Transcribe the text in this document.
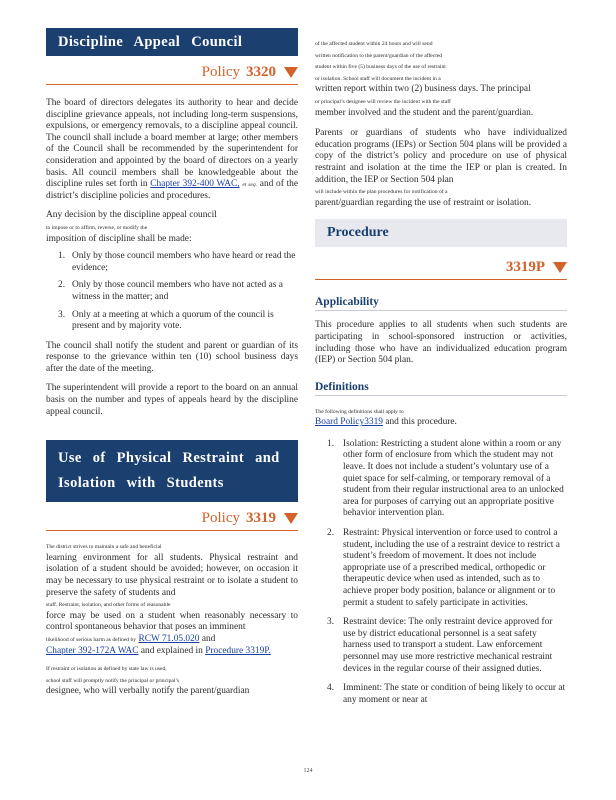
Discipline Appeal Council
Policy 3320

The board of directors delegates its authority to hear and decide discipline grievance appeals, not including long-term suspensions, expulsions, or emergency removals, to a discipline appeal council. The council shall include a board member at large; other members of the Council shall be recommended by the superintendent for consideration and appointed by the board of directors on a yearly basis. All council members shall be knowledgeable about the discipline rules set forth in Chapter 392-400 WAC, et seq. and of the district’s discipline policies and procedures.

Any decision by the discipline appeal council
to impose or to affirm, reverse, or modify the
imposition of discipline shall be made:

1. Only by those council members who have heard or read the evidence;
2. Only by those council members who have not acted as a witness in the matter; and
3. Only at a meeting at which a quorum of the council is present and by majority vote.

The council shall notify the student and parent or guardian of its response to the grievance within ten (10) school business days after the date of the meeting.

The superintendent will provide a report to the board on an annual basis on the number and types of appeals heard by the discipline appeal council.

Use of Physical Restraint and Isolation with Students
Policy 3319
The district strives to maintain a safe and beneficial
learning environment for all students. Physical restraint and isolation of a student should be avoided; however, on occasion it may be necessary to use physical restraint or to isolate a student to preserve the safety of students and
staff. Restraint, isolation, and other forms of reasonable
force may be used on a student when reasonably necessary to control spontaneous behavior that poses an imminent
likelihood of serious harm as defined by RCW 71.05.020 and
Chapter 392-172A WAC and explained in Procedure 3319P.

If restraint or isolation as defined by state law is used,
school staff will promptly notify the principal or principal’s
designee, who will verbally notify the parent/guardian
of the affected student within 24 hours and will send
written notification to the parent/guardian of the affected
student within five (5) business days of the use of restraint
or isolation. School staff will document the incident in a
written report within two (2) business days. The principal
or principal’s designee will review the incident with the staff
member involved and the student and the parent/guardian.
Parents or guardians of students who have individualized education programs (IEPs) or Section 504 plans will be provided a copy of the district’s policy and procedure on use of physical restraint and isolation at the time the IEP or plan is created. In addition, the IEP or Section 504 plan
will include within the plan procedures for notification of a
parent/guardian regarding the use of restraint or isolation.
Procedure
3319P
Applicability

This procedure applies to all students when such students are participating in school-sponsored instruction or activities, including those who have an individualized education program (IEP) or Section 504 plan.

Definitions

The following definitions shall apply to
Board Policy3319 and this procedure.

1. Isolation: Restricting a student alone within a room or any other form of enclosure from which the student may not leave. It does not include a student’s voluntary use of a quiet space for self-calming, or temporary removal of a student from their regular instructional area to an unlocked area for purposes of carrying out an appropriate positive behavior intervention plan.
2. Restraint: Physical intervention or force used to control a student, including the use of a restraint device to restrict a student’s freedom of movement. It does not include appropriate use of a prescribed medical, orthopedic or therapeutic device when used as intended, such as to achieve proper body position, balance or alignment or to permit a student to safely participate in activities.
3. Restraint device: The only restraint device approved for use by district educational personnel is a seat safety harness used to transport a student. Law enforcement personnel may use more restrictive mechanical restraint devices in the regular course of their assigned duties.
4. Imminent: The state or condition of being likely to occur at any moment or near at
124
